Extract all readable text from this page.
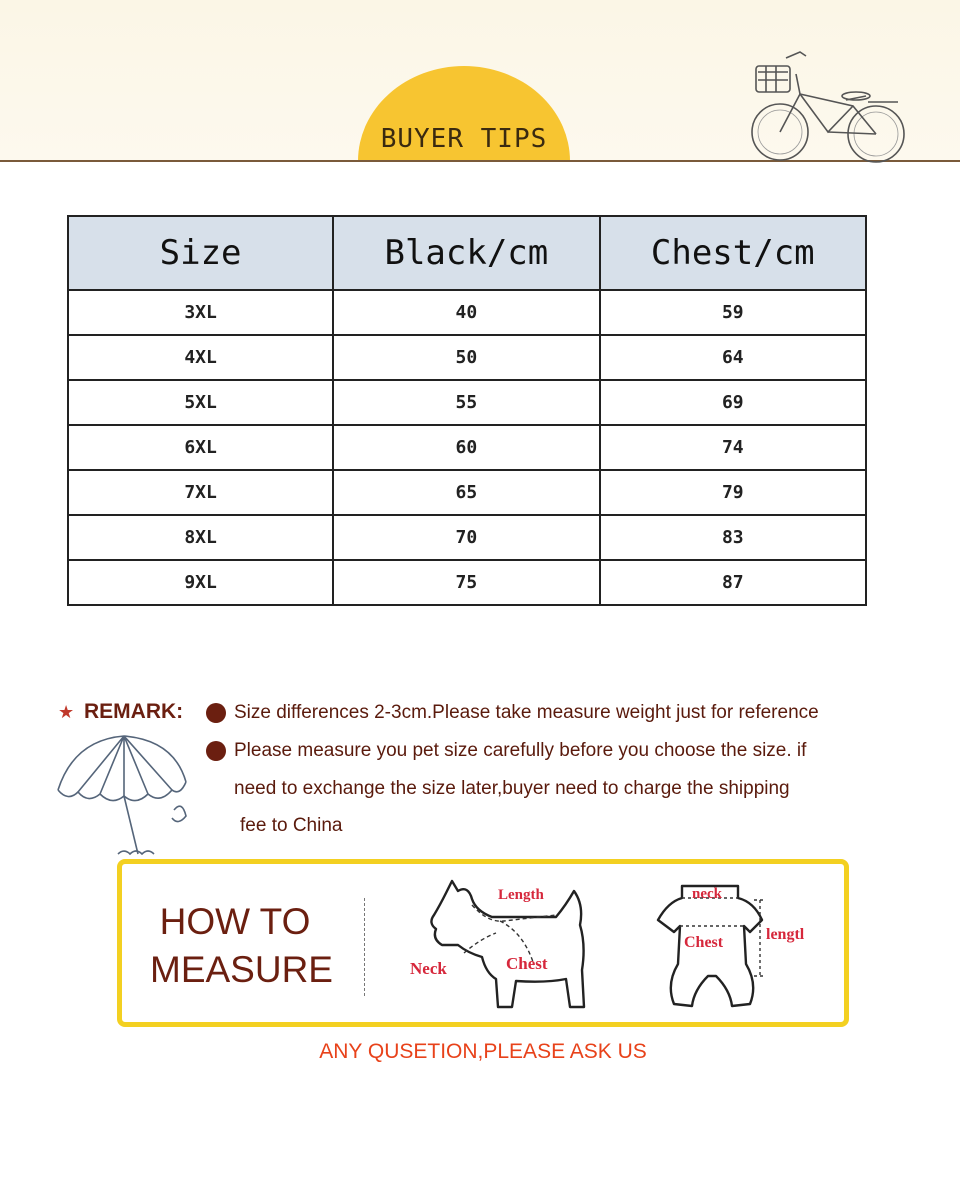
BUYER TIPS
Size	Black/cm	Chest/cm
3XL	40	59
4XL	50	64
5XL	55	69
6XL	60	74
7XL	65	79
8XL	70	83
9XL	75	87
★ REMARK:	Size differences 2-3cm.Please take measure weight just for reference
Please measure you pet size carefully before you choose the size. if
need to exchange the size later,buyer need to charge the shipping
fee to China
HOW TO
MEASURE
Length
Neck	Chest
neck
Chest	lengtl
ANY QUSETION,PLEASE ASK US
